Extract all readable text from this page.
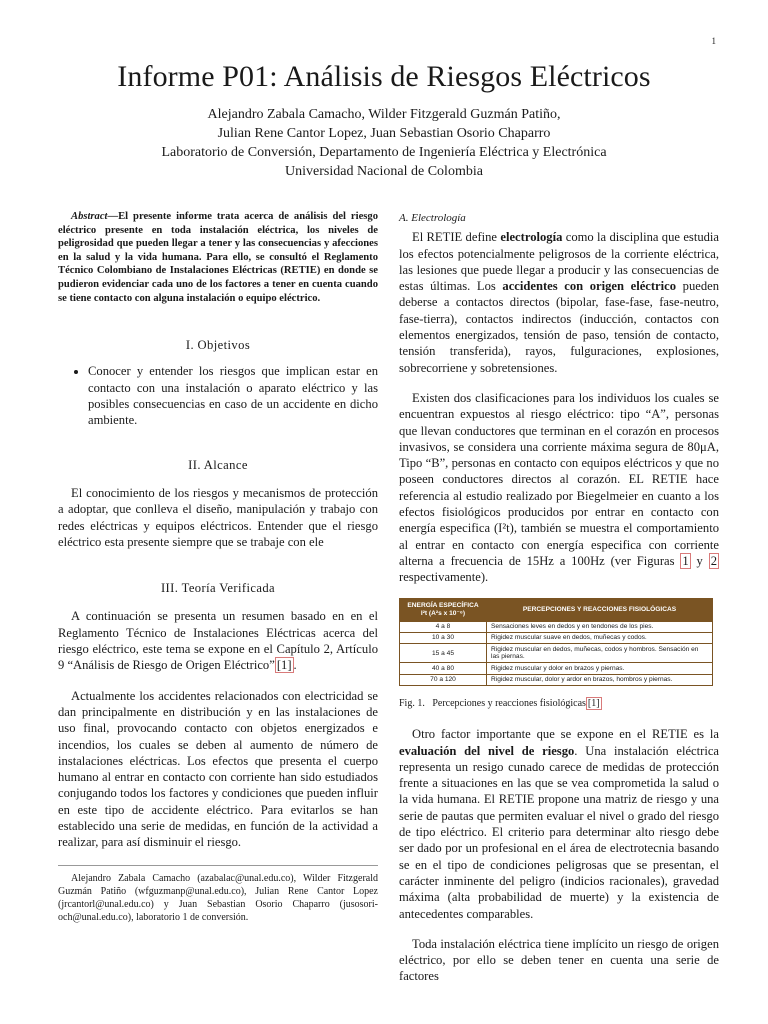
1
Informe P01: Análisis de Riesgos Eléctricos
Alejandro Zabala Camacho, Wilder Fitzgerald Guzmán Patiño,
Julian Rene Cantor Lopez, Juan Sebastian Osorio Chaparro
Laboratorio de Conversión, Departamento de Ingeniería Eléctrica y Electrónica
Universidad Nacional de Colombia

Abstract—El presente informe trata acerca de análisis del riesgo eléctrico presente en toda instalación eléctrica, los niveles de peligrosidad que pueden llegar a tener y las consecuencias y afecciones en la salud y la vida humana. Para ello, se consultó el Reglamento Técnico Colombiano de Instalaciones Eléctricas (RETIE) en donde se pudieron evidenciar cada uno de los factores a tener en cuenta cuando se tiene contacto con alguna instalación o equipo eléctrico.

I. Objetivos
• Conocer y entender los riesgos que implican estar en contacto con una instalación o aparato eléctrico y las posibles consecuencias en caso de un accidente en dicho ambiente.
II. Alcance

El conocimiento de los riesgos y mecanismos de protección a adoptar, que conlleva el diseño, manipulación y trabajo con redes eléctricas y equipos eléctricos. Entender que el riesgo eléctrico esta presente siempre que se trabaje con ele

III. Teoría Verificada

A continuación se presenta un resumen basado en en el Reglamento Técnico de Instalaciones Eléctricas acerca del riesgo eléctrico, este tema se expone en el Capítulo 2, Artículo 9 “Análisis de Riesgo de Origen Eléctrico” [1] .

Actualmente los accidentes relacionados con electricidad se dan principalmente en distribución y en las instalaciones de uso final, provocando contacto con objetos energizados e incendios, los cuales se deben al aumento de número de instalaciones eléctricas. Los efectos que presenta el cuerpo humano al entrar en contacto con corriente han sido estudiados conjugando todos los factores y condiciones que pueden influir en este tipo de accidente eléctrico. Para evitarlos se han establecido una serie de medidas, en función de la actividad a realizar, para así disminuir el riesgo.

Alejandro Zabala Camacho (azabalac@unal.edu.co), Wilder Fitzgerald Guzmán Patiño (wfguzmanp@unal.edu.co), Julian Rene Cantor Lopez (jrcantorl@unal.edu.co) y Juan Sebastian Osorio Chaparro (jusosori-och@unal.edu.co), laboratorio 1 de conversión.

A. Electrología

El RETIE define electrología como la disciplina que estudia los efectos potencialmente peligrosos de la corriente eléctrica, las lesiones que puede llegar a producir y las consecuencias de estas últimas. Los accidentes con origen eléctrico pueden deberse a contactos directos (bipolar, fase-fase, fase-neutro, fase-tierra), contactos indirectos (inducción, contactos con elementos energizados, tensión de paso, tensión de contacto, tensión transferida), rayos, fulguraciones, explosiones, sobrecorriene y sobretensiones.

Existen dos clasificaciones para los individuos los cuales se encuentran expuestos al riesgo eléctrico: tipo “A”, personas que llevan conductores que terminan en el corazón en procesos invasivos, se considera una corriente máxima segura de 80μA, Tipo “B”, personas en contacto con equipos eléctricos y que no poseen conductores directos al corazón. EL RETIE hace referencia al estudio realizado por Biegelmeier en cuanto a los efectos fisiológicos producidos por entrar en contacto con energía especifica (I²t), también se muestra el comportamiento al entrar en contacto con energía especifica con corriente alterna a frecuencia de 15Hz a 100Hz (ver Figuras 1 y 2 respectivamente).

ENERGÍA ESPECÍFICA I²t (A²s x 10⁻⁶)	PERCEPCIONES Y REACCIONES FISIOLÓGICAS
4 a 8	Sensaciones leves en dedos y en tendones de los pies.
10 a 30	Rigidez muscular suave en dedos, muñecas y codos.
15 a 45	Rigidez muscular en dedos, muñecas, codos y hombros. Sensación en las piernas.
40 a 80	Rigidez muscular y dolor en brazos y piernas.
70 a 120	Rigidez muscular, dolor y ardor en brazos, hombros y piernas.

Fig. 1. Percepciones y reacciones fisiológicas [1]

Otro factor importante que se expone en el RETIE es la evaluación del nivel de riesgo. Una instalación eléctrica representa un resigo cunado carece de medidas de protección frente a situaciones en las que se vea comprometida la salud o la vida humana. El RETIE propone una matriz de riesgo y una serie de pautas que permiten evaluar el nivel o grado del riesgo de tipo eléctrico. El criterio para determinar alto riesgo debe ser dado por un profesional en el área de electrotecnia basando se en el tipo de condiciones peligrosas que se presentan, el carácter inminente del peligro (indicios racionales), gravedad máxima (alta probabilidad de muerte) y la existencia de antecedentes comparables.

Toda instalación eléctrica tiene implícito un riesgo de origen eléctrico, por ello se deben tener en cuenta una serie de factores
